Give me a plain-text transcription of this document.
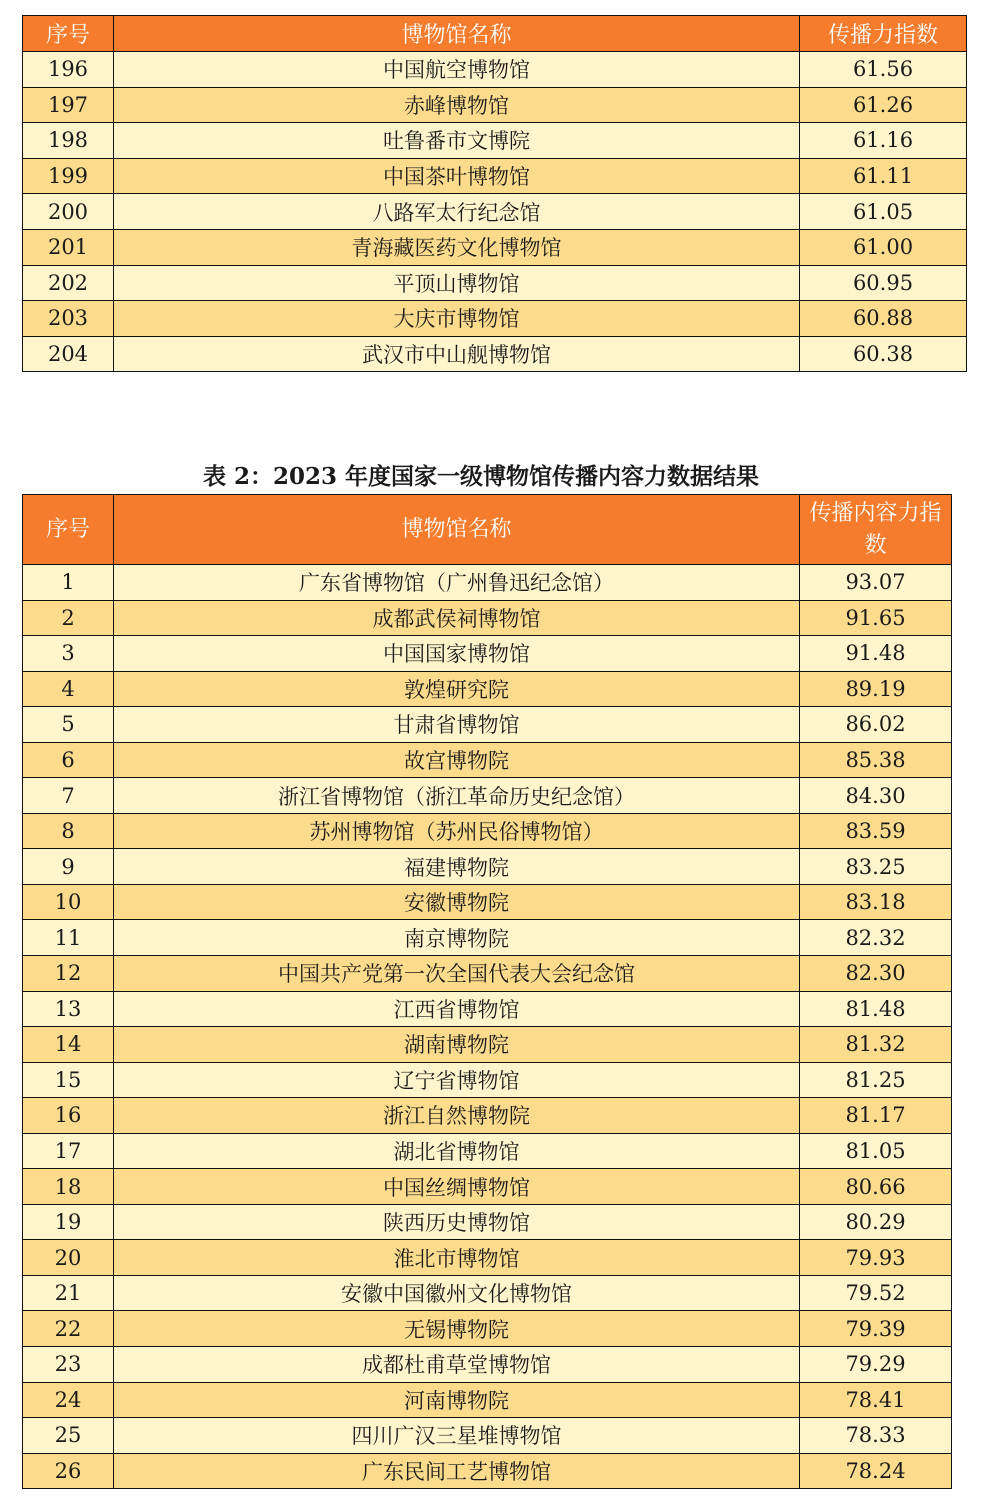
序号	博物馆名称	传播力指数
196	中国航空博物馆	61.56
197	赤峰博物馆	61.26
198	吐鲁番市文博院	61.16
199	中国茶叶博物馆	61.11
200	八路军太行纪念馆	61.05
201	青海藏医药文化博物馆	61.00
202	平顶山博物馆	60.95
203	大庆市博物馆	60.88
204	武汉市中山舰博物馆	60.38
表 2：2023 年度国家一级博物馆传播内容力数据结果
序号	博物馆名称	传播内容力指数
1	广东省博物馆（广州鲁迅纪念馆）	93.07
2	成都武侯祠博物馆	91.65
3	中国国家博物馆	91.48
4	敦煌研究院	89.19
5	甘肃省博物馆	86.02
6	故宫博物院	85.38
7	浙江省博物馆（浙江革命历史纪念馆）	84.30
8	苏州博物馆（苏州民俗博物馆）	83.59
9	福建博物院	83.25
10	安徽博物院	83.18
11	南京博物院	82.32
12	中国共产党第一次全国代表大会纪念馆	82.30
13	江西省博物馆	81.48
14	湖南博物院	81.32
15	辽宁省博物馆	81.25
16	浙江自然博物院	81.17
17	湖北省博物馆	81.05
18	中国丝绸博物馆	80.66
19	陕西历史博物馆	80.29
20	淮北市博物馆	79.93
21	安徽中国徽州文化博物馆	79.52
22	无锡博物院	79.39
23	成都杜甫草堂博物馆	79.29
24	河南博物院	78.41
25	四川广汉三星堆博物馆	78.33
26	广东民间工艺博物馆	78.24
